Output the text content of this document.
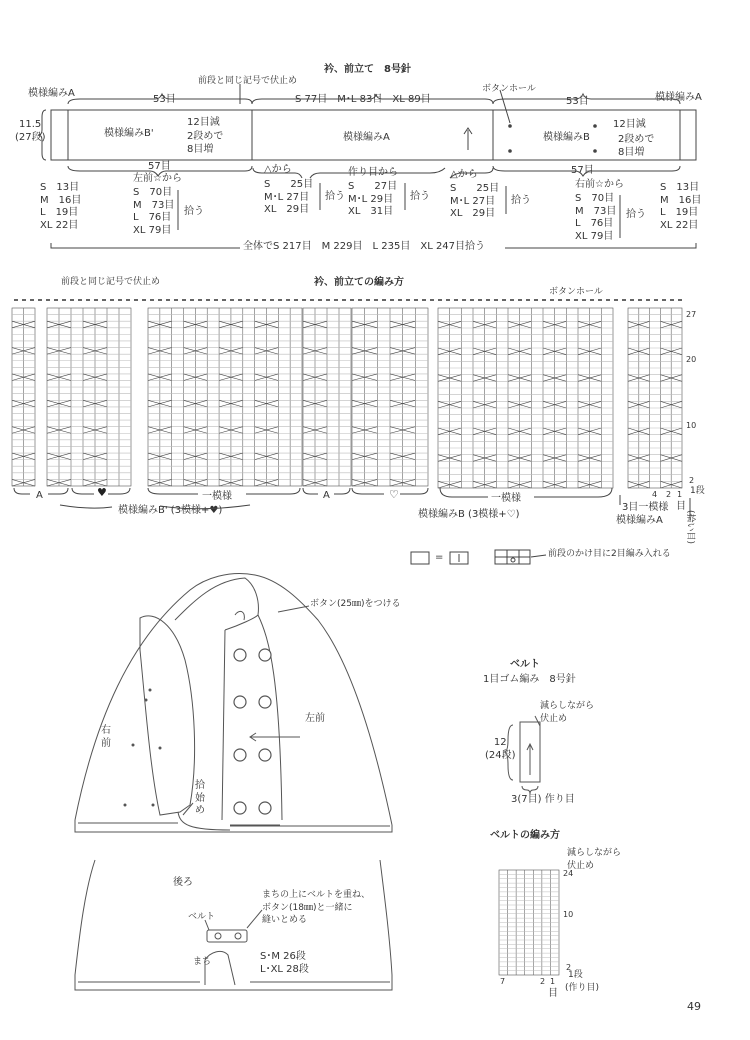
衿、前立て　8号針
前段と同じ記号で伏止め
模様編みA	模様編みA
53目	53目
S 77目　M･L 83目　XL 89目
ボタンホール
11.5
(27段)	模様編みB'
12目減
2段めで
8目増
模様編みA	模様編みB
12目減
2段めで
8目増
57目	57目
S　13目
M　16目
L　19目
XL 22目
左前☆から
S　70目
M　73目
L　76目
XL 79目
拾う
△から
S　　25目
M･L 27目
XL　29目
拾う
作り目から
S　　27目
M･L 29目
XL　31目
拾う
△から
S　　25目
M･L 27目
XL　29目
拾う
右前☆から
S　70目
M　73目
L　76目
XL 79目
拾う
S　13目
M　16目
L　19目
XL 22目
全体でS 217目　M 229目　L 235目　XL 247目拾う
衿、前立ての編み方
前段と同じ記号で伏止め
ボタンホール
27
20
10
2
1段
(拾い目)
A	A
♥	♡
一模様	一模様
模様編みB' (3模様+♥)	模様編みB (3模様+♡)
3目一模様
模様編みA
4 2 1
目
=	前段のかけ目に2目編み入れる
ボタン(25㎜)をつける
右
前
左前
拾
始
め
後ろ
まちの上にベルトを重ね、
ボタン(18㎜)と一緒に
縫いとめる
ベルト
まち	S･M 26段
L･XL 28段
ベルト
1目ゴム編み　8号針
減らしながら
伏止め
12
(24段)
3(7目) 作り目
ベルトの編み方
減らしながら
伏止め
24
10
2
1段
(作り目)
7	2 1
目
49
